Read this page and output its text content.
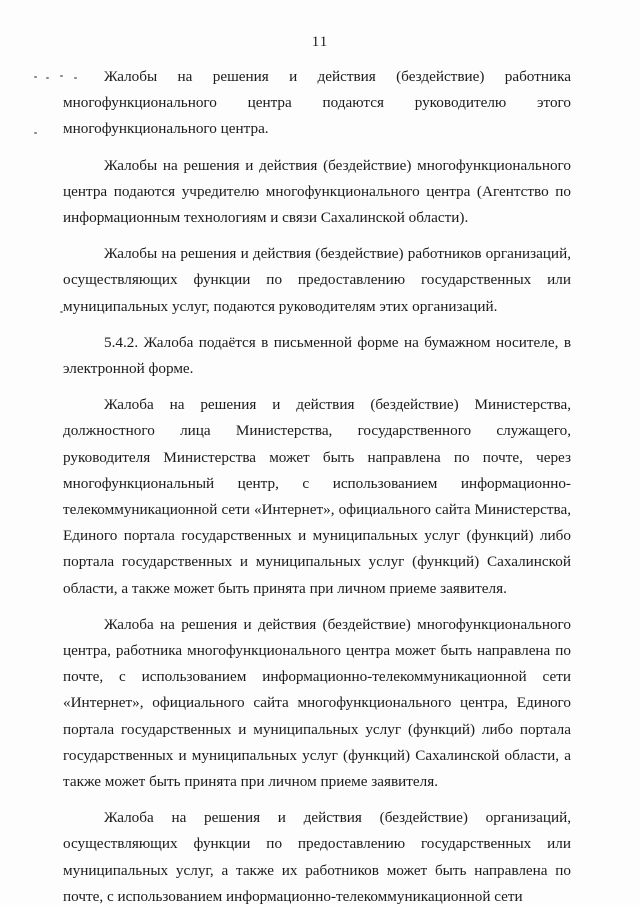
11

Жалобы на решения и действия (бездействие) работника многофункционального центра подаются руководителю этого многофункционального центра.

Жалобы на решения и действия (бездействие) многофункционального центра подаются учредителю многофункционального центра (Агентство по информационным технологиям и связи Сахалинской области).

Жалобы на решения и действия (бездействие) работников организаций, осуществляющих функции по предоставлению государственных или муниципальных услуг, подаются руководителям этих организаций.

5.4.2. Жалоба подаётся в письменной форме на бумажном носителе, в электронной форме.

Жалоба на решения и действия (бездействие) Министерства, должностного лица Министерства, государственного служащего, руководителя Министерства может быть направлена по почте, через многофункциональный центр, с использованием информационно-телекоммуникационной сети «Интернет», официального сайта Министерства, Единого портала государственных и муниципальных услуг (функций) либо портала государственных и муниципальных услуг (функций) Сахалинской области, а также может быть принята при личном приеме заявителя.

Жалоба на решения и действия (бездействие) многофункционального центра, работника многофункционального центра может быть направлена по почте, с использованием информационно-телекоммуникационной сети «Интернет», официального сайта многофункционального центра, Единого портала государственных и муниципальных услуг (функций) либо портала государственных и муниципальных услуг (функций) Сахалинской области, а также может быть принята при личном приеме заявителя.

Жалоба на решения и действия (бездействие) организаций, осуществляющих функции по предоставлению государственных или муниципальных услуг, а также их работников может быть направлена по почте, с использованием информационно-телекоммуникационной сети
